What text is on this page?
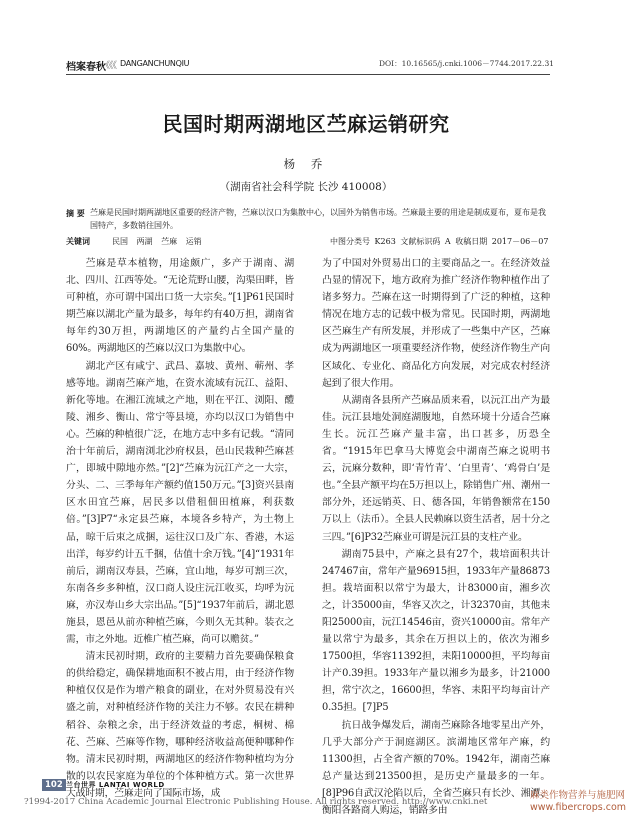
档案春秋
《《《 DANGANCHUNQIU	DOI：10.16565/j.cnki.1006－7744.2017.22.31
民国时期两湖地区苎麻运销研究
杨 乔
（湖南省社会科学院 长沙 410008）
摘 要 苎麻是民国时期两湖地区重要的经济产物，苎麻以汉口为集散中心，以国外为销售市场。苎麻最主要的用途是制成夏布，夏布是我国特产，多数销往国外。
关键词	民国 两湖 苎麻 运销	中图分类号 K263 文献标识码 A 收稿日期 2017－06－07

苎麻是草本植物，用途颇广，多产于湖南、湖北、四川、江西等处。“无论荒野山腰，沟渠田畔，皆可种植，亦可谓中国出口货一大宗矣。”[1]P61民国时期苎麻以湖北产量为最多，每年约有40万担，湖南省每年约30万担，两湖地区的产量约占全国产量的60%。两湖地区的苎麻以汉口为集散中心。

湖北产区有咸宁、武昌、嘉坡、黄州、蕲州、孝感等地。湖南苎麻产地，在资水流域有沅江、益阳、新化等地。在湘江流域之产地，则在平江、浏阳、醴陵、湘乡、衡山、常宁等县境，亦均以汉口为销售中心。苎麻的种植很广泛，在地方志中多有记载。“清同治十年前后，湖南浏北沙府权县，邑山民栽种苎麻甚广，即城中隙地亦然。”[2]“苎麻为沅江产之一大宗，分头、二、三季每年产额约值150万元。”[3]资兴县南区水田宜苎麻，居民多以借租佃田植麻，利获数倍。”[3]P7“永定县苎麻，本境各乡特产，为土物上品，晾干后束之成捆，运往汉口及广东、香港，木运出洋，每岁约计五千捆，估值十余万钱。”[4]“1931年前后，湖南汉寿县，苎麻，宜山地，每岁可割三次，东南各乡多种植，汉口商人设庄沅江收买，均呼为沅麻，亦汉寿山乡大宗出品。”[5]“1937年前后，湖北恩施县，恩邑从前亦种植苎麻，今则久无其种。装衣之需，市之外地。近椎广植苎麻，尚可以赡贫。”

清末民初时期，政府的主要精力首先要确保粮食的供给稳定，确保耕地面积不被占用，由于经济作物种植仅仅是作为增产粮食的副业，在对外贸易没有兴盛之前，对种植经济作物的关注力不够。农民在耕种稻谷、杂粮之余，出于经济效益的考虑，桐树、棉花、苎麻、苎麻等作物，哪种经济收益高便种哪种作物。清末民初时期，两湖地区的经济作物种植均为分散的以农民家庭为单位的个体种植方式。第一次世界大战时期，苎麻走向了国际市场，成

为了中国对外贸易出口的主要商品之一。在经济效益凸显的情况下，地方政府为推广经济作物种植作出了诸多努力。苎麻在这一时期得到了广泛的种植，这种情况在地方志的记载中极为常见。民国时期，两湖地区苎麻生产有所发展，并形成了一些集中产区，苎麻成为两湖地区一项重要经济作物，使经济作物生产向区域化、专业化、商品化方向发展，对完成农村经济起到了很大作用。

从湖南各县所产苎麻品质来看，以沅江出产为最佳。沅江县地处洞庭湖腹地，自然环境十分适合苎麻生长。沅江苎麻产量丰富，出口甚多，历恐全省。“1915年巴拿马大博览会中湖南苎麻之说明书云，沅麻分数种，即‘青竹青’、‘白里青’、‘鸡骨白’是也。”全县产额平均在5万担以上，除销售广州、潮州一部分外，还远销英、日、德各国，年销鲁额常在150万以上（法币）。全县人民赖麻以资生活者，居十分之三四。”[6]P32苎麻业可谓是沅江县的支柱产业。

湖南75县中，产麻之县有27个，栽培面积共计247467亩，常年产量96915担，1933年产量86873担。栽培面积以常宁为最大，计83000亩，湘乡次之，计35000亩，华容又次之，计32370亩，其他耒阳25000亩，沅江14546亩，资兴10000亩。常年产量以常宁为最多，其余在万担以上的，依次为湘乡17500担，华容11392担，耒阳10000担，平均每亩计产0.39担。1933年产量以湘乡为最多，计21000担，常宁次之，16600担，华容、耒阳平均每亩计产0.35担。[7]P5

抗日战争爆发后，湖南苎麻除各地零星出产外，几乎大部分产于洞庭湖区。滨湖地区常年产麻，约11300担，占全省产额的70%。1942年，湖南苎麻总产量达到213500担，是历史产量最多的一年。[8]P96自武汉沦陷以后，全省苎麻只有长沙、湘潭、衡阳各路商人购运，销路多由

102 兰台世界 LANTAI WORLD
?1994-2017 China Academic Journal Electronic Publishing House. All rights reserved. http://www.cnki.net
麻类作物营养与施肥网
www.fibercrops.com
